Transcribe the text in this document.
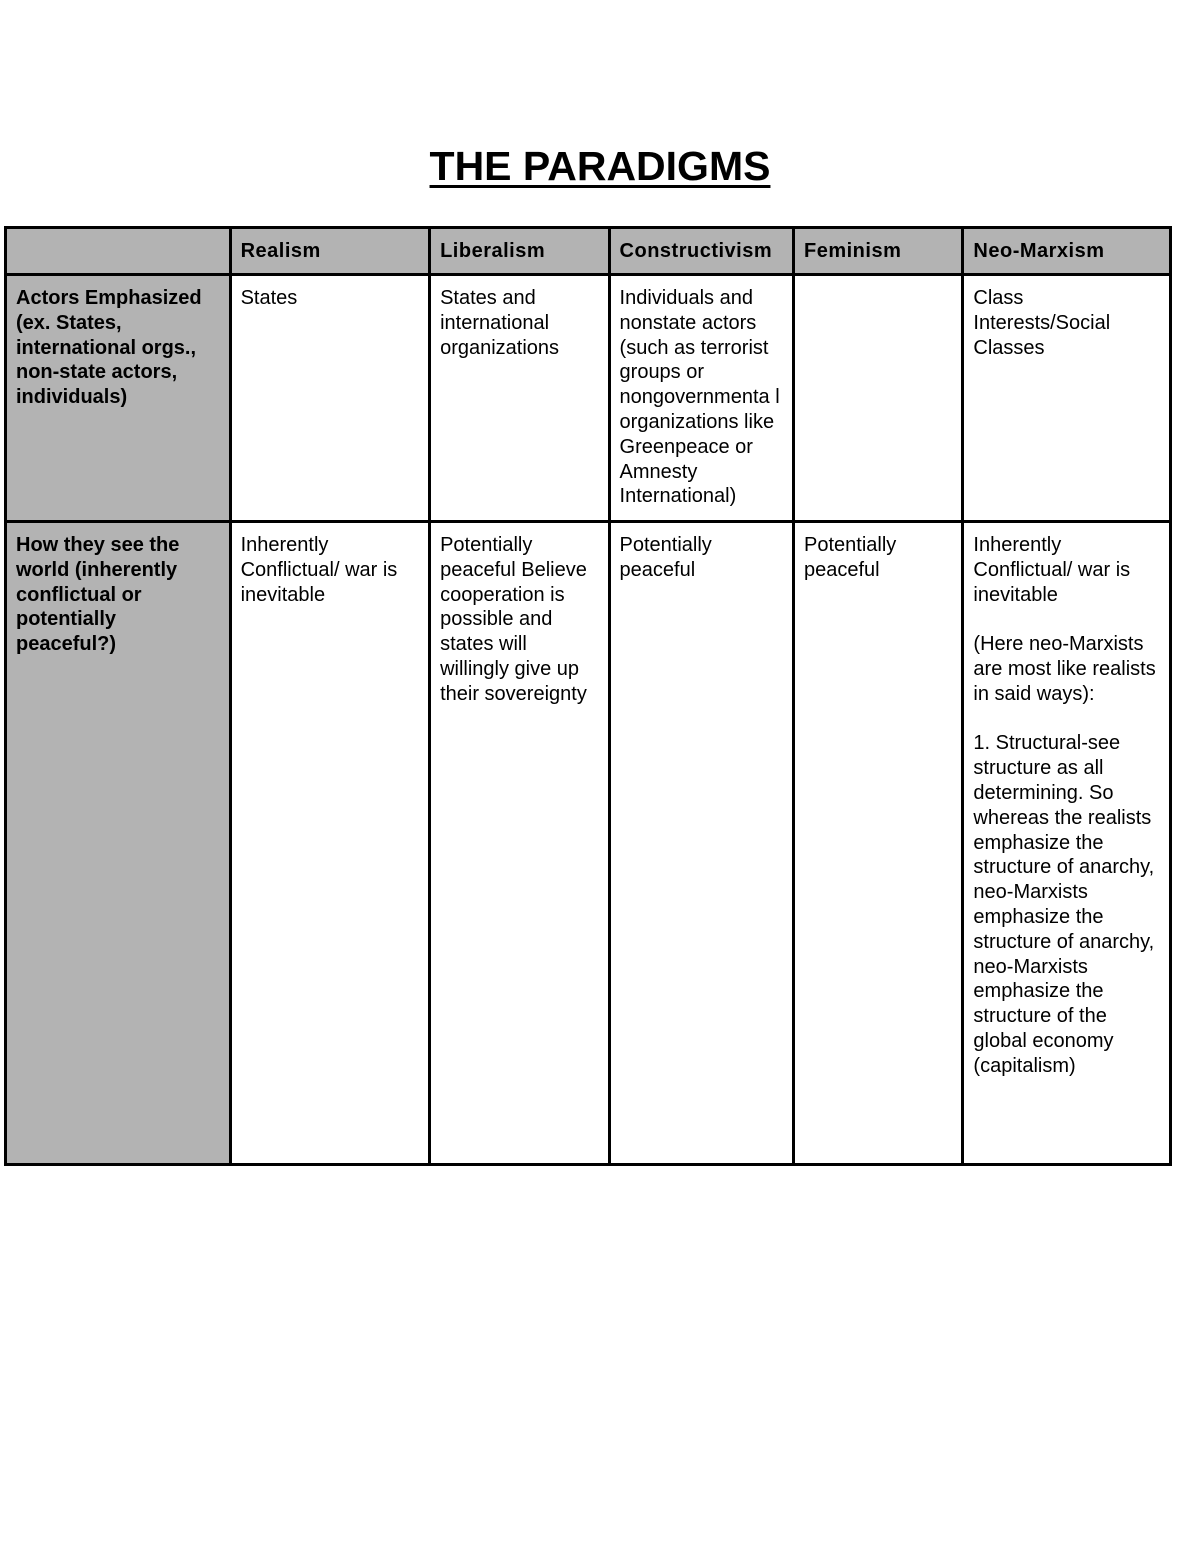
THE PARADIGMS
	Realism	Liberalism	Constructivism	Feminism	Neo-Marxism
Actors Emphasized (ex. States, international orgs., non-state actors, individuals)	States	States and international organizations	Individuals and nonstate actors (such as terrorist groups or nongovernmenta l organizations like Greenpeace or Amnesty International)		Class Interests/Social Classes
How they see the world (inherently conflictual or potentially peaceful?)	Inherently Conflictual/ war is inevitable	Potentially peaceful Believe cooperation is possible and states will willingly give up their sovereignty	Potentially peaceful	Potentially peaceful	Inherently Conflictual/ war is inevitable
(Here neo-Marxists are most like realists in said ways):
1. Structural-see structure as all determining. So whereas the realists emphasize the structure of anarchy, neo-Marxists emphasize the structure of anarchy, neo-Marxists emphasize the structure of the global economy (capitalism)
